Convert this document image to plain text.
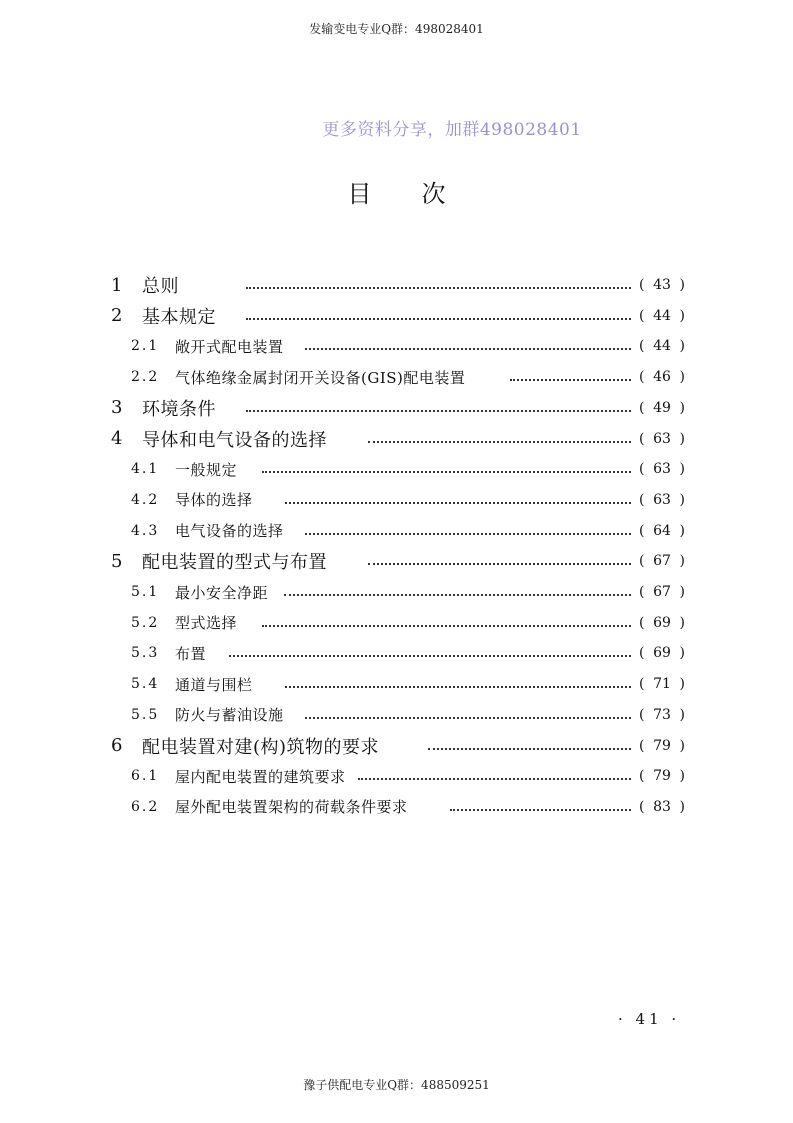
发输变电专业Q群：498028401
更多资料分享，加群498028401
目 次
1 总则	( 43 )
2 基本规定	( 44 )
2.1 敞开式配电装置	( 44 )
2.2 气体绝缘金属封闭开关设备(GIS)配电装置	( 46 )
3 环境条件	( 49 )
4 导体和电气设备的选择	( 63 )
4.1 一般规定	( 63 )
4.2 导体的选择	( 63 )
4.3 电气设备的选择	( 64 )
5 配电装置的型式与布置	( 67 )
5.1 最小安全净距	( 67 )
5.2 型式选择	( 69 )
5.3 布置	( 69 )
5.4 通道与围栏	( 71 )
5.5 防火与蓄油设施	( 73 )
6 配电装置对建(构)筑物的要求	( 79 )
6.1 屋内配电装置的建筑要求	( 79 )
6.2 屋外配电装置架构的荷载条件要求	( 83 )
· 41 ·
豫子供配电专业Q群：488509251
